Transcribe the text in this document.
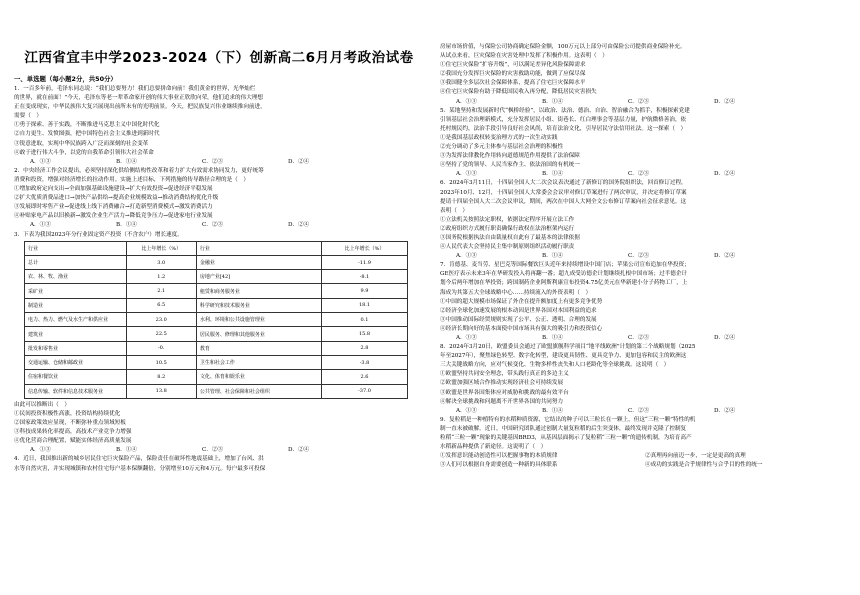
江西省宜丰中学2023-2024（下）创新高二6月月考政治试卷
一、单选题（每小题2分，共50分）

1．一百多年前，毛泽东同志说：“我们总要努力！我们总要拼命向前！我们黄金的世界，光华灿烂

的世界，就在前面！”今天，毛泽东等老一辈革命家开创的伟大事业正欣欣向荣，他们追求的伟大理想

正在变成现实，中华民族伟大复兴展现出前所未有的光明前景。今天，把民族复兴伟业继续推向前进，

需要（　）

①勇于探索、善于实践，不断推进马克思主义中国化时代化
②自力更生、发愤图强，把中国特色社会主义推进到新时代
③锐意进取，实现中华民族跨入广泛而深刻的社会变革
④敢于进行伟大斗争，以党的自我革命引领伟大社会革命
A．①③	B．①④	C．②③	D．②④

2．中央经济工作会议提出，必须坚持深化供给侧结构性改革和着力扩大有效需求协同发力，更好统筹

消费和投资，增强对经济增长的拉动作用。实施上述目标，下列措施的传导路径合理的是（　）

①增加政府定向支出→全面加强基础设施建设→扩大有效投资→促进经济平稳发展
②扩大优质消费品进口→加快产品供给→提高企业规模效益→推动消费结构优化升级
③发展即时零售产业→促进线上线下消费融合→打造新型消费模式→激发消费活力
④补贴家电产品以旧换新→激发企业生产活力→降低竞争压力→促进家电行业发展
A．①③	B．①④	C．②③	D．②④

3．下表为我国2023年分行业固定资产投资（不含农户）增长速度。

行业	比上年增长（%）	行业	比上年增长（%）
总计	3.0	金融业	-11.9
农、林、牧、渔业	1.2	房地产业[42]	-8.1
采矿业	2.1	租赁和商务服务业	9.9
制造业	6.5	科学研究和技术服务业	18.1
电力、热力、燃气及水生产和供应业	23.0	水利、环境和公共设施管理业	0.1
建筑业	22.5	居民服务、修理和其他服务业	15.8
批发和零售业	-0.	教育	2.8
交通运输、仓储和邮政业	10.5	卫生和社会工作	-3.8
住宿和餐饮业	8.2	文化、体育和娱乐业	2.6
信息传输、软件和信息技术服务业	13.8	公共管理、社会保障和社会组织	-37.0

由此可以推断出（　）

①民间投资积极性高涨，投资结构持续优化
②国家政策效应显现，不断弥补重点领域短板
③科技成果转化率提高，高技术产业竞争力增强
④优化营商合理配置，赋能实体经济高质量发展
A．①③	B．①④	C．②③	D．②④

4．近日，我国推出新的城乡居民住宅巨灾保险产品，保险责任在破坏性地震基础上，增加了台风、洪

水等自然灾害，并实现城镇和农村住宅每户基本保额翻倍，分别增至10万元和4万元。每户最多可投保

房屋市场价值，与保险公司协商确定保险金额，100万元以上部分可由保险公司提供商业保险补充。

从试点来看，巨灾保险在灾害处理中发挥了积极作用。这表明（　）

①住宅巨灾保险“扩容升级”，可以满足差异化风险保障需求
②我国充分发挥巨灾保险的灾害救助功能，做到了应保尽保
③我国健全多层次社会保障体系，提高了住宅巨灾保障水平
④住宅巨灾保险有助于降低国民收入再分配，降低居民灾害损失
A．①③	B．①④	C．②③	D．②④

5．某地坚持和发展新时代“枫桥经验”，以政治、法治、德治、自治、智治融合为抓手，积极探索党建

引领基层社会治理新模式，充分发挥居民小组、街巷长、红白理事会等基层力量，护航微格善治，依

托村规民约，法治手段引导良好社会风尚，培育法治文化，引导居民守法信用社法。这一探索（　）

①是我国基层政权转变治理方式的一次生动实践
②充分调动了多元主体参与基层社会治理的积极性
③为发挥法律教化作用转向道德规范作用提供了法治保障
④坚持了党的领导、人民当家作主、依法治国的有机统一
A．①③	B．①④	C．②③	D．②④

6．2024年3月11日，十四届全国人大二次会议表决通过了新修订的国务院组织法，回首修订过程，

2023年10月、12月，十四届全国人大常委会会议审对修订草案进行了两次审议，并决定将修订草案

提请十四届全国人大二次会议审议，期间，两次在中国人大网全文公布修订草案向社会征求意见。这

表明（　）

①立法机关按照法定职权，依据法定程序开展立法工作
②政府组织方式履行职责确保行政权在法治框架内运行
③国务院根据执法自由裁量权自此有了最基本的法律依据
④人民代表大会坚持民主集中制原则组织活动履行职责
A．①③	B．①④	C．②③	D．②④

7．肯德基、麦当劳、星巴克等国际餐饮巨头近年来持续增设中国门店；苹果公司宣布追加在华投资；

GE医疗表示未来3年在华研发投入将再翻一番；超九成受访德企计划继续扎根中国市场；过半德企计

划今后两年增加在华投资；跨国制药企业阿斯利康宣布投资4.75亿美元在华新建小分子药物工厂，上

海成为其第五大全球战略中心……持续流入的外资表明（　）

①中国的超大规模市场保证了外企在提升额加度上有更多竞争优势
②经济全球化加速发展的根本动因是世界各国对本国利益的追求
③中国推动国际经贸规则实现了公平、公正、透明、合理的发展
④经济长期向好的基本面使中国市场具有强大的吸引力和投资信心
A．①③	B．①④	C．②③	D．②④

8．2024年3月20日，欧盟委员会通过了欧盟旗舰科学项目“地平线欧洲”计划的第二个战略规划（2025

年至2027年），聚焦绿色转型、数字化转型，建设更具韧性、更具竞争力、更加包容和民主的欧洲这

三大关键战略方向，应对气候变化、生物多样性丧失和人口老龄化等全球挑战。这说明（　）

①欧盟坚持共同安全理念，带头践行真正的多边主义
②欧盟加强区域合作推动实现经济社会可持续发展
③欧盟是世界各国集体应对威胁和挑战的最有效平台
④解决全球挑战和问题离不开世界各国的共同努力
A．①③	B．①④	C．②③	D．②④

9．复粒稻是一种植特有的水稻种质资源，它结出的种子可以三粒长在一颗上，但这“三粒一颗”特性的机

制一直未被破解。近日，中国研究团队通过创制大量复粒稻的后生突变体，最终发现并克隆了控制复

粒稻“三粒一颗”现象的关键基因BRD3，从基因层面揭示了复粒稻“三粒一颗”的遗传机制，为培育高产

水稻新品种提供了新途径。这说明了（　）

①发挥意识能动创造性可以把握事物的本质规律	②真理再向前迈一步，一定是更高的真理
③人们可以根据自身需要创造一种新的具体联系	④成功的实践是合乎规律性与合乎目的性的统一
